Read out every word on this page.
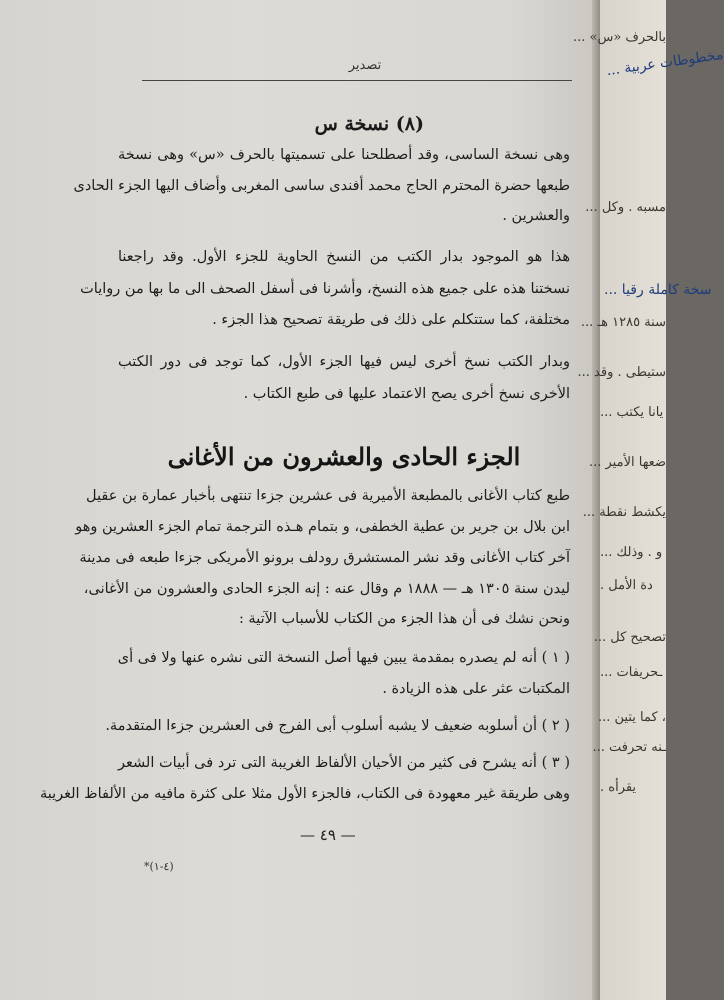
تصدير
(٨) نسخة س
وهى نسخة الساسى، وقد أصطلحنا على تسميتها بالحرف «س» وهى نسخة
طبعها حضرة المحترم الحاج محمد أفندى ساسى المغربى وأضاف اليها الجزء الحادى
والعشرين .
هذا هو الموجود بدار الكتب من النسخ الحاوية للجزء الأول. وقد راجعنا
نسختنا هذه على جميع هذه النسخ، وأشرنا فى أسفل الصحف الى ما بها من روايات
مختلفة، كما ستتكلم على ذلك فى طريقة تصحيح هذا الجزء .
وبدار الكتب نسخ أخرى ليس فيها الجزء الأول، كما توجد فى دور الكتب
الأخرى نسخ أخرى يصح الاعتماد عليها فى طبع الكتاب .
الجزء الحادى والعشرون من الأغانى
طبع كتاب الأغانى بالمطبعة الأميرية فى عشرين جزءا تنتهى بأخبار عمارة بن عقيل
ابن بلال بن جرير بن عطية الخطفى، و بتمام هـذه الترجمة تمام الجزء العشرين وهو
آخر كتاب الأغانى وقد نشر المستشرق رودلف برونو الأمريكى جزءا طبعه فى مدينة
ليدن سنة ١٣٠٥ هـ — ١٨٨٨ م وقال عنه : إنه الجزء الحادى والعشرون من الأغانى،
ونحن نشك فى أن هذا الجزء من الكتاب للأسباب الآتية :
( ١ ) أنه لم يصدره بمقدمة يبين فيها أصل النسخة التى نشره عنها ولا فى أى
المكتبات عثر على هذه الزيادة .
( ٢ ) أن أسلوبه ضعيف لا يشبه أسلوب أبى الفرج فى العشرين جزءا المتقدمة.
( ٣ ) أنه يشرح فى كثير من الأحيان الألفاظ الغريبة التى ترد فى أبيات الشعر
وهى طريقة غير معهودة فى الكتاب، فالجزء الأول مثلا على كثرة مافيه من الألفاظ الغريبة
— ٤٩ —
*(٤-١)
بالحرف «س» ...
مخطوطات عربية ...
مسبه . وكل ...
سخة كاملة رقيا ...
سنة ١٢٨٥ هـ ...
ستيطى . وقد ...
يانا يكتب ...
ضعها الأمير ...
يكشط نقطة ...
و . وذلك ...
دة الأمل .
تصحيح كل ...
ـحريفات ...
، كما يتين ...
ـنه تحرفت ...
يقرأه .
